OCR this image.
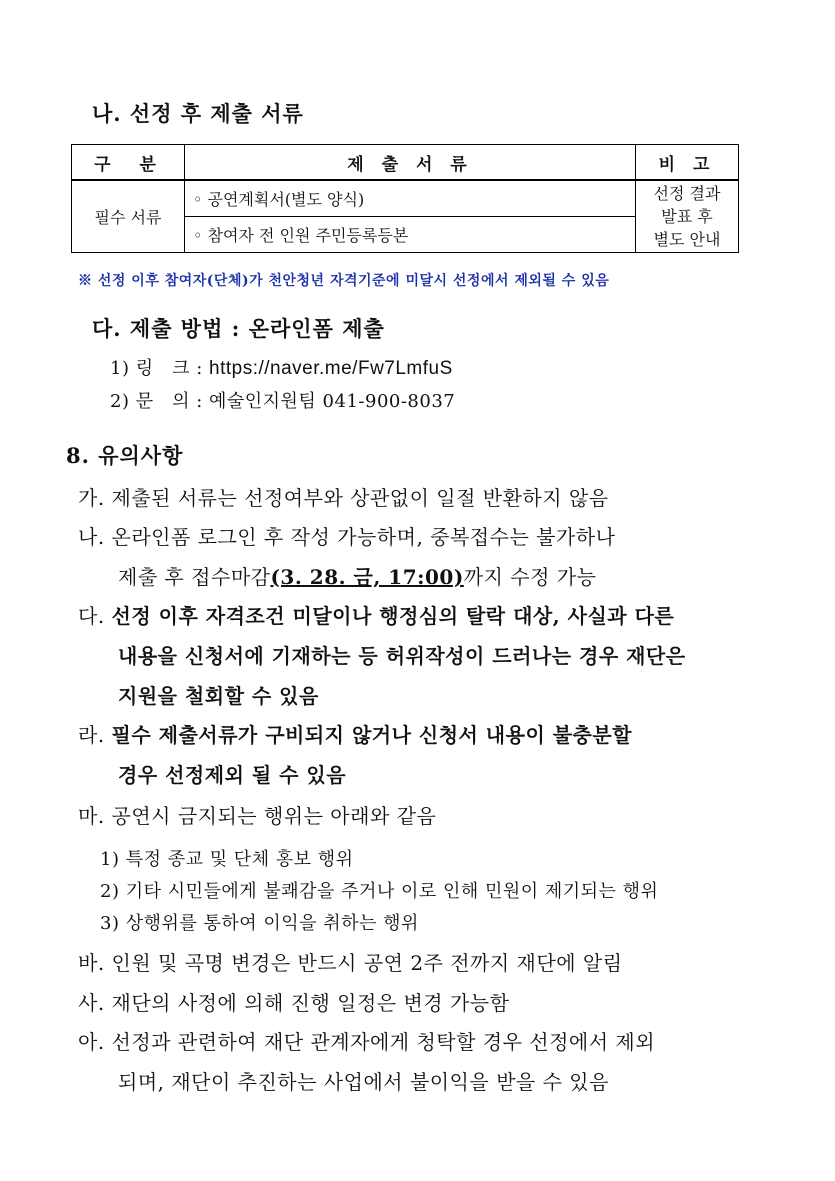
나. 선정 후 제출 서류
구　분	제 출 서 류	비 고
필수 서류	◦ 공연계획서(별도 양식)	선정 결과
발표 후
별도 안내

	◦ 참여자 전 인원 주민등록등본	
※ 선정 이후 참여자(단체)가 천안청년 자격기준에 미달시 선정에서 제외될 수 있음
다. 제출 방법 : 온라인폼 제출
1) 링　크 : https://naver.me/Fw7LmfuS
2) 문　의 : 예술인지원팀 041-900-8037
8. 유의사항
가. 제출된 서류는 선정여부와 상관없이 일절 반환하지 않음
나. 온라인폼 로그인 후 작성 가능하며, 중복접수는 불가하나
제출 후 접수마감(3. 28. 금, 17:00)까지 수정 가능
다. 선정 이후 자격조건 미달이나 행정심의 탈락 대상, 사실과 다른
내용을 신청서에 기재하는 등 허위작성이 드러나는 경우 재단은
지원을 철회할 수 있음
라. 필수 제출서류가 구비되지 않거나 신청서 내용이 불충분할
경우 선정제외 될 수 있음
마. 공연시 금지되는 행위는 아래와 같음
1) 특정 종교 및 단체 홍보 행위
2) 기타 시민들에게 불쾌감을 주거나 이로 인해 민원이 제기되는 행위
3) 상행위를 통하여 이익을 취하는 행위
바. 인원 및 곡명 변경은 반드시 공연 2주 전까지 재단에 알림
사. 재단의 사정에 의해 진행 일정은 변경 가능함
아. 선정과 관련하여 재단 관계자에게 청탁할 경우 선정에서 제외
되며, 재단이 추진하는 사업에서 불이익을 받을 수 있음
